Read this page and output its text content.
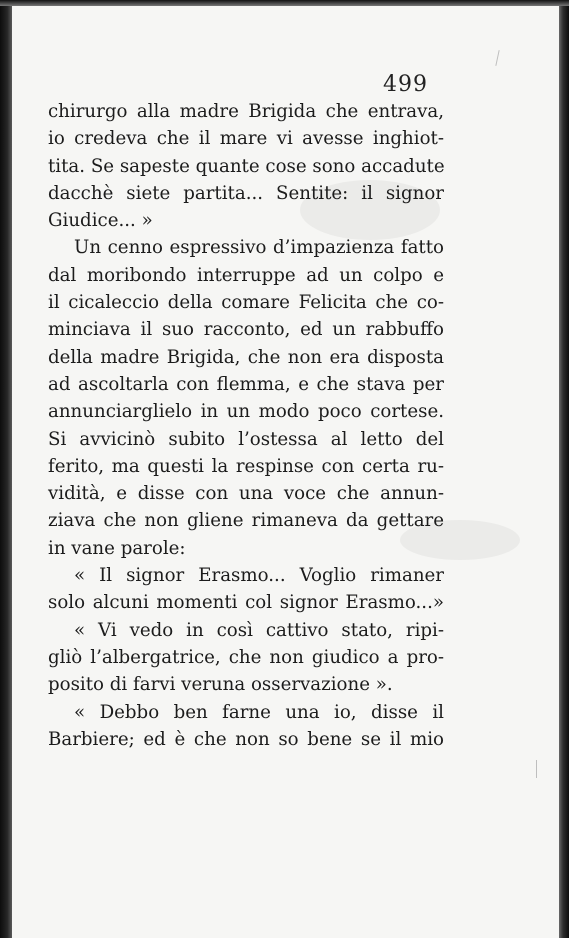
499
chirurgo alla madre Brigida che entrava,
io credeva che il mare vi avesse inghiot-
tita. Se sapeste quante cose sono accadute
dacchè siete partita... Sentite: il signor
Giudice... »
Un cenno espressivo d’impazienza fatto
dal moribondo interruppe ad un colpo e
il cicaleccio della comare Felicita che co-
minciava il suo racconto, ed un rabbuffo
della madre Brigida, che non era disposta
ad ascoltarla con flemma, e che stava per
annunciarglielo in un modo poco cortese.
Si avvicinò subito l’ostessa al letto del
ferito, ma questi la respinse con certa ru-
vidità, e disse con una voce che annun-
ziava che non gliene rimaneva da gettare
in vane parole:
« Il signor Erasmo... Voglio rimaner
solo alcuni momenti col signor Erasmo...»
« Vi vedo in così cattivo stato, ripi-
gliò l’albergatrice, che non giudico a pro-
posito di farvi veruna osservazione ».
« Debbo ben farne una io, disse il
Barbiere; ed è che non so bene se il mio
